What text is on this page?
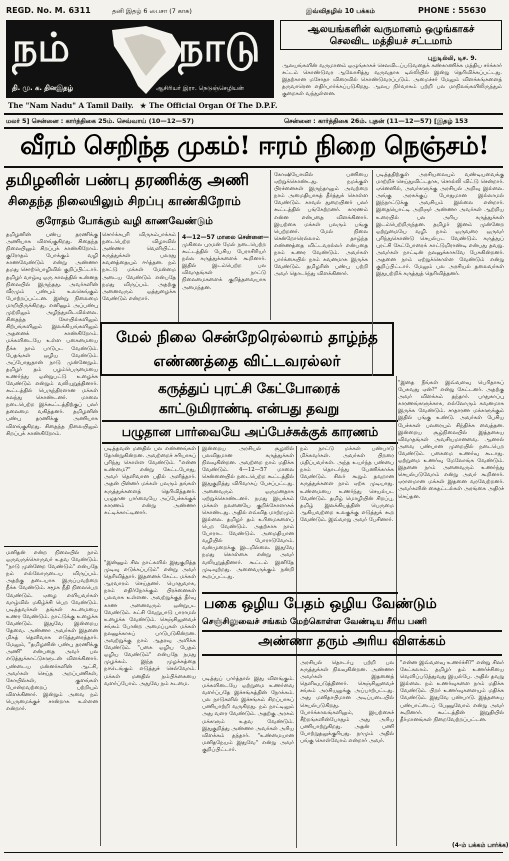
REGD. No. M. 6311	தனி இதழ் 6 பைசா (7 காசு)	இவ்விதழில் 10 பக்கம்	PHONE : 55630
நம்	நாடு
தி. மு. க. தினஇதழ்	ஆசிரியர் இரா. நெடுஞ்செழியன்
The "Nam Nadu" A Tamil Daily. ★ The Official Organ Of The D.P.F.
ஆலயங்களின் வருமானம் ஒழுங்காகச்
செலவிட மத்தியச் சட்டமாம்
புதுடில்லி, டிச. 9.
ஆலயங்களின் வருமானம் ஒழுங்காகச் செலவிடப்படுவதைக் கண்காணிக்க மத்திய சர்க்கார் சட்டம் கொண்டுவர ஆலோசித்து வருவதாக டில்லியில் இன்று தெரிவிக்கப்பட்டது. இதற்கான மசோதா விரைவில் கொண்டுவரப்படும். அமைச்சர் மேலும் விளக்கங்களைத் தருவாரென எதிர்பார்க்கப்படுகிறது. ஆலய நிர்வாகம் பற்றி பல மாநிலங்களிலிருந்தும் குறைகள் வந்துள்ளன.
மலர் 5] சென்னை : கார்த்திகை 25ம். செவ்வாய் (10—12—57)	சென்னை : கார்த்திகை 26ம். புதன் (11—12—57) [இதழ் 153
வீரம் செறிந்த முகம்! ஈரம் நிறை நெஞ்சம்!
தமிழனின் பண்பு தரணிக்கு அணி
சிதைந்த நிலையிலும் சிறப்பு காண்கிறோம்
குரோதம் போக்கும் வழி காணவேண்டும்
தமிழனின் பண்பு தரணிக்கு அணியாக விளங்குகிறது. சிதைந்த நிலையிலும் சிறப்புக் காண்கிறோம். குரோதம் போக்கும் வழி காணவேண்டும் என்று அண்ணா தமது சொற்பொழிவில் குறிப்பிட்டார். தமிழர் வாழ்வு ஒரு காலத்தில் உன்னத நிலையில் இருந்தது. அவர்களின் வீரமும் பண்பும் உலகெங்கும் போற்றப்பட்டன. இன்று நிலைமை மாறியிருக்கிறது. எனினும் அப்பண்பு முற்றிலும் அழிந்துவிடவில்லை. சிதைந்த கோயில்களிலும் சிற்பங்களிலும் இலக்கியங்களிலும் அதனைக் காண்கிறோம். மக்களிடையே உள்ள பகைமையை நீக்க நாம் பாடுபட வேண்டும். பேதங்கள் ஒழிய வேண்டும். அப்போதுதான் நாடு முன்னேறும். தமிழர் தம் பழம்பெருமையை உணர்ந்து ஒன்றுபட்டு உழைக்க வேண்டும் என்றும் வலியுறுத்தினார். கூட்டத்தில் பெருந்திரளான மக்கள் கலந்து கொண்டனர். மாலை நடைபெற்ற இக்கூட்டத்திற்குப் பலர் தலைமை வகித்தனர். தமிழனின் பண்பு தரணிக்கு அணியாக விளங்குகிறது. சிதைந்த நிலையிலும் சிறப்புக் காண்கிறோம்.
சொர்க்கபுரி விருகம்பாக்கம் நடைபெற்ற விழாவில் அண்ணா வெளியிட்ட கருத்துக்கள் பலரது கவனத்தையும் ஈர்த்தன. நம் நாட்டு மக்கள் மேன்மை அடைய வேண்டும் என்பதே நமது விருப்பம். அதற்கு அனைவரும் ஒத்துழைக்க வேண்டும் என்றார்.
4—12—57 மாலை சென்னை—
முகிலை புரமன் மேல் நடைபெற்ற கூட்டத்தில் பேசிய பேராசிரியர் நல்ல கருத்துக்களைக் கூறினார். இதில் இடம்பெற்ற பல விவாதங்கள் நாட்டு நிலைமைகளைக் குறித்தவையாக அமைந்தன.
மேல் நிலை சென்றேரெல்லாம் தாழ்ந்த
எண்ணத்தை விட்டவரல்லர்
கருத்துப் புரட்சி கேட்போரைக்
காட்டுமிராண்டி என்பது தவறு
கோஷியோவில் பணியை ஏற்றுக்கொண்டது. நமக்குள் பிரச்னைகள் இருந்தாலும் அவற்றை நாம் அமைதியாகத் தீர்த்துக் கொள்ள வேண்டும். காவல் துறையினர் பலர் கூட்டத்தில் பங்கேற்றனர். காரணம் என்ன என்பதை விளக்கினார். இயற்கை மக்கள் பலரும் பங்கு பெற்றனர். மேல் நிலை சென்றோரெல்லாம் தாழ்ந்த எண்ணத்தை விட்டவரல்லர் என்பதை நாம் உணர வேண்டும். அவர்கள் பார்க்கையில் நாம் கவனமாக இருக்க வேண்டும். தமிழரின் பண்பு பற்றி அவர் தொடர்ந்து விளக்கினார்.
படித்ததிற்குள் அரசியலையும் வண்டியவைக்கு மாற்றிச் செய்துவிட்டதாக, சொல்லி விட்டு சென்றார். ஏனெனில், அவர்களுக்கு அரசியல் அறிவு இல்லை. அங்கு அரசுக்குப் போதுமான இல்லாமல் இந்நாட்டுக்கு அவசியம் இல்லை என்றார். இதையொட்டி அறிஞர் அண்ணா அவர்கள் ஆற்றிய உரையில் பல அரிய கருத்துக்கள் இடம்பெற்றிருந்தன. தமிழர் இனம் முன்னேற ஒற்றுமையே வழி. நாம் ஒருவரை ஒருவர் புரிந்துகொண்டு செயல்பட வேண்டும். கருத்துப் புரட்சி கேட்போரைக் காட்டுமிராண்டி என்பது தவறு. அவர்கள் நாட்டின் நலனுக்காகவே பேசுகின்றனர். அதனை நாம் ஏற்றுக்கொள்ள வேண்டும் என்று குறிப்பிட்டார். மேலும் பல அரசியல் தலைவர்கள் இதுபற்றிக் கருத்துத் தெரிவித்தனர்.
"இதை நீங்கள் இவ்வளவு பெரிதாகப் பேசுவது ஏன்?" என்று கேட்டனர். அதற்கு அவர் விளக்கம் தந்தார். பாதுகாப்பு காரணங்களுக்காக, எல்லோரும் கவனமாக இருக்க வேண்டும். சாதாரண மக்களுக்கும் இதில் பங்கு உண்டு. அவர்கள் பேசிய பேச்சுகள் பலரையும் சிந்திக்க வைத்தன. இன்றைய சூழ்நிலையில் இத்தகைய விவாதங்கள் அவசியமானவை. ஆனால் அவை பண்பான முறையில் நடைபெற வேண்டும். பகைமை உணர்வு கூடாது. ஒற்றுமை உணர்வு மேலோங்க வேண்டும். இதனை நாம் அனைவரும் உணர்ந்து செயல்படுவோம் என்று அவர் கூறினார். ஏராளமான மக்கள் இதனை வரவேற்றனர். அவர்களின் கைதட்டல்கள் அரங்கை அதிரச் செய்தன.
பழுதான பார்வையே அப்பேச்சுக்குக் காரணம்
படித்தவன் மனதில் பல எண்ணங்கள் தோன்றுகின்றன. அவற்றைச் சரியாகப் புரிந்து கொள்ள வேண்டும். "என்ன உண்மை?" என்று கேட்டபோது, அவர் தெளிவான பதில் அளித்தார். அதன் பின்னர் மக்கள் பலரும் தங்கள் கருத்துக்களைத் தெரிவித்தனர். பழுதான பார்வையே அப்பேச்சுக்குக் காரணம் என்று அண்ணா சுட்டிக்காட்டினார்.
இன்றைய அரசியல் சூழலில் பலவிதமான கருத்துக்கள் நிலவுகின்றன. அவற்றை நாம் மதிக்க வேண்டும். 4—12—57 மாலை சென்னையில் நடைபெற்ற கூட்டத்தில் இதுகுறித்து விரிவாகப் பேசப்பட்டது. அனைவரும் ஒருமனதாக ஏற்றுக்கொண்டனர். நமது இயக்கம் மக்கள் நலனையே குறிக்கோளாகக் கொண்டது. அதில் எவ்வித மாற்றமும் இல்லை. தமிழர் தம் உரிமைகளைப் பெற வேண்டும். அதற்காக நாம் போராட வேண்டும். அமைதியான வழியில் போராடுவோம். வன்முறைக்கு இடமில்லை. இதுவே நமது கொள்கை என்று அவர் வலியுறுத்தினார். கூட்டம் இனிதே முடிவுற்றது. அனைவருக்கும் நன்றி கூறப்பட்டது.
நம் நாட்டு மக்கள் பண்பாடு மிக்கவர்கள். அவர்கள் பிறரை மதிப்பவர்கள். அந்த உயர்ந்த பண்பை நாம் தொடர்ந்து பேணிக்காக்க வேண்டும். சிலர் கூறும் தவறான கருத்துக்களை நாம் ஏற்க முடியாது. உண்மையை உணர்ந்து செயல்பட வேண்டும். தமிழ் மொழியின் சிறப்பு, தமிழ் இலக்கியத்தின் பெருமை ஆகியவற்றை உலகுக்கு எடுத்துக் கூற வேண்டும். இவ்வாறு அவர் பேசினார்.
மனிதன் என்ற நிலையில் நாம் ஒருவருக்கொருவர் உதவ வேண்டும். "நாடு முன்னேற வேண்டும்" என்பதே நம் எல்லோருடைய விருப்பம். அதற்கு தடையாக இருப்பவற்றை நீக்க வேண்டும். சமூக நீதி நிலைபெற வேண்டும். ஏழை எளியவர்கள் வாழ்வில் மகிழ்ச்சி பெற வேண்டும். படித்தவர்கள் தங்கள் கடமையை உணர வேண்டும். நாட்டுக்கு உழைக்க வேண்டும். இதுவே இன்றைய தேவை. அண்ணா அவர்கள் இதனை மிகத் தெளிவாக எடுத்துரைத்தார். மேலும், "தமிழனின் பண்பு தரணிக்கு அணி" என்பதை அவர் பல எடுத்துக்காட்டுகளுடன் விளக்கினார். பண்டைய மன்னர்களின் ஆட்சி, அவர்கள் செய்த அறப்பணிகள், கோயில்கள், குளங்கள் போன்றவற்றைப் பற்றியும் விளக்கினார். இன்றும் அவை நம் பெருமைக்குச் சான்றாக உள்ளன என்றார்.
பகை ஒழிய பேதம் ஒழிய வேண்டும்
செஞ்சிலுவைச் சங்கம் மேற்கொள்ள வேண்டிய சீரிய பணி
அண்ணா தரும் அரிய விளக்கம்
"இன்னும் சில நாட்களில் இதுகுறித்த முடிவு எடுக்கப்படும்" என்று அவர் தெரிவித்தார். இதனைக் கேட்ட மக்கள் ஆரவாரம் செய்தனர். பொதுவாக, நாம் எதிர்நோக்கும் பிரச்னைகள் பலவாக உள்ளன. அவற்றுக்குத் தீர்வு காண அனைவரும் ஒன்றுபட வேண்டும். கட்சி வேறுபாடு பாராமல் உழைக்க வேண்டும். செஞ்சிலுவைச் சங்கம் போன்ற அமைப்புகள் மக்கள் நலனுக்காகப் பாடுபடுகின்றன. அவற்றுக்கு நாம் ஆதரவு அளிக்க வேண்டும். "பகை ஒழிய பேதம் ஒழிய வேண்டும்" என்பதே நமது முழக்கம். இந்த முழக்கத்தை நாடெங்கும் எடுத்துச் செல்வோம். மக்கள் மனதில் நம்பிக்கையை வளர்ப்போம். அதுவே நம் கடமை.
படித்துப் பார்த்தால் இது விளங்கும். மக்களிடையே ஒற்றுமை உணர்வை வளர்ப்பதே இச்சங்கத்தின் நோக்கம். பல நாடுகளில் இச்சங்கம் சிறப்பாகப் பணியாற்றி வருகிறது. நம் நாட்டிலும் அது வளர வேண்டும். அதற்கு அரசும் மக்களும் உதவ வேண்டும். இதுகுறித்து அண்ணா அவர்கள் அரிய விளக்கம் தந்தார். "உண்மையான மனிதநேயம் இதுவே" என்று அவர் குறிப்பிட்டார்.
அரசியல் தொடர்பு பற்றி பல கருத்துக்கள் நிலவுகின்றன. அண்ணா அவர்கள் இதனைத் தெளிவுபடுத்தினார். செஞ்சிலுவைச் சங்கம் அரசியலுக்கு அப்பாற்பட்டது. அது மனிதாபிமான அடிப்படையில் செயல்படுகிறது. போர்க்காலங்களிலும், இயற்கைச் சீற்றங்களின்போதும் அது அரிய பணியாற்றுகிறது. அதன் பணி போற்றுதலுக்குரியது. நாமும் அதில் பங்கு கொள்வோம் என்றார் அவர்.
"என்ன இவ்வளவு உணர்ச்சி?" என்று சிலர் கேட்கலாம். தமிழர் தம் உணர்ச்சியை வெளிப்படுத்துவது இயல்பே. அதில் தவறு இல்லை. நம் உணர்வுகளை நாம் மதிக்க வேண்டும். பிறர் உணர்வுகளையும் மதிக்க வேண்டும். இதுவே பண்பாடு. இத்தகைய பண்பாட்டைப் பேணுவோம் என்று அவர் கூறினார். கூட்டத்தின் இறுதியில் தீர்மானங்கள் நிறைவேற்றப்பட்டன.
(4-ம் பக்கம் பார்க்க)
